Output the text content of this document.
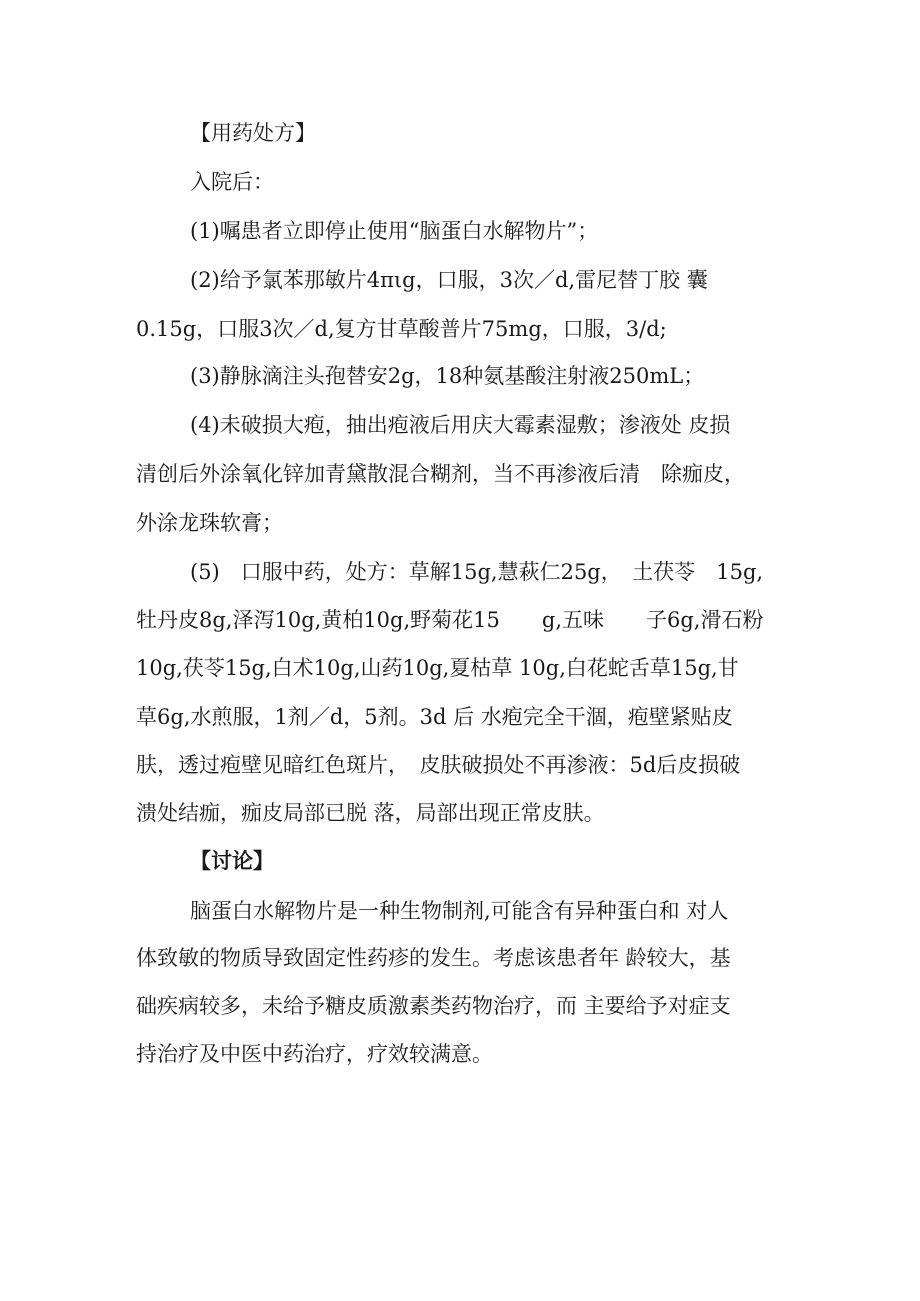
【用药处方】
入院后：
(1)嘱患者立即停止使用“脑蛋白水解物片”；
(2)给予氯苯那敏片4πιg，口服，3次／d,雷尼替丁胶 囊
0.15g，口服3次／d,复方甘草酸普片75mg，口服，3/d;
(3)静脉滴注头孢替安2g，18种氨基酸注射液250mL；
(4)未破损大疱，抽出疱液后用庆大霉素湿敷；渗液处 皮损
清创后外涂氧化锌加青黛散混合糊剂，当不再渗液后清　除痂皮，
外涂龙珠软膏；
(5)　口服中药，处方：草解15g,慧萩仁25g，　土茯苓　15g,
牡丹皮8g,泽泻10g,黄柏10g,野菊花15　　g,五味　　子6g,滑石粉
10g,茯苓15g,白术10g,山药10g,夏枯草 10g,白花蛇舌草15g,甘
草6g,水煎服，1剂／d，5剂。3d 后 水疱完全干涸，疱壁紧贴皮
肤，透过疱壁见暗红色斑片，　皮肤破损处不再渗液：5d后皮损破
溃处结痂，痂皮局部已脱 落，局部出现正常皮肤。
【讨论】
脑蛋白水解物片是一种生物制剂,可能含有异种蛋白和 对人
体致敏的物质导致固定性药疹的发生。考虑该患者年 龄较大，基
础疾病较多，未给予糖皮质激素类药物治疗，而 主要给予对症支
持治疗及中医中药治疗，疗效较满意。
